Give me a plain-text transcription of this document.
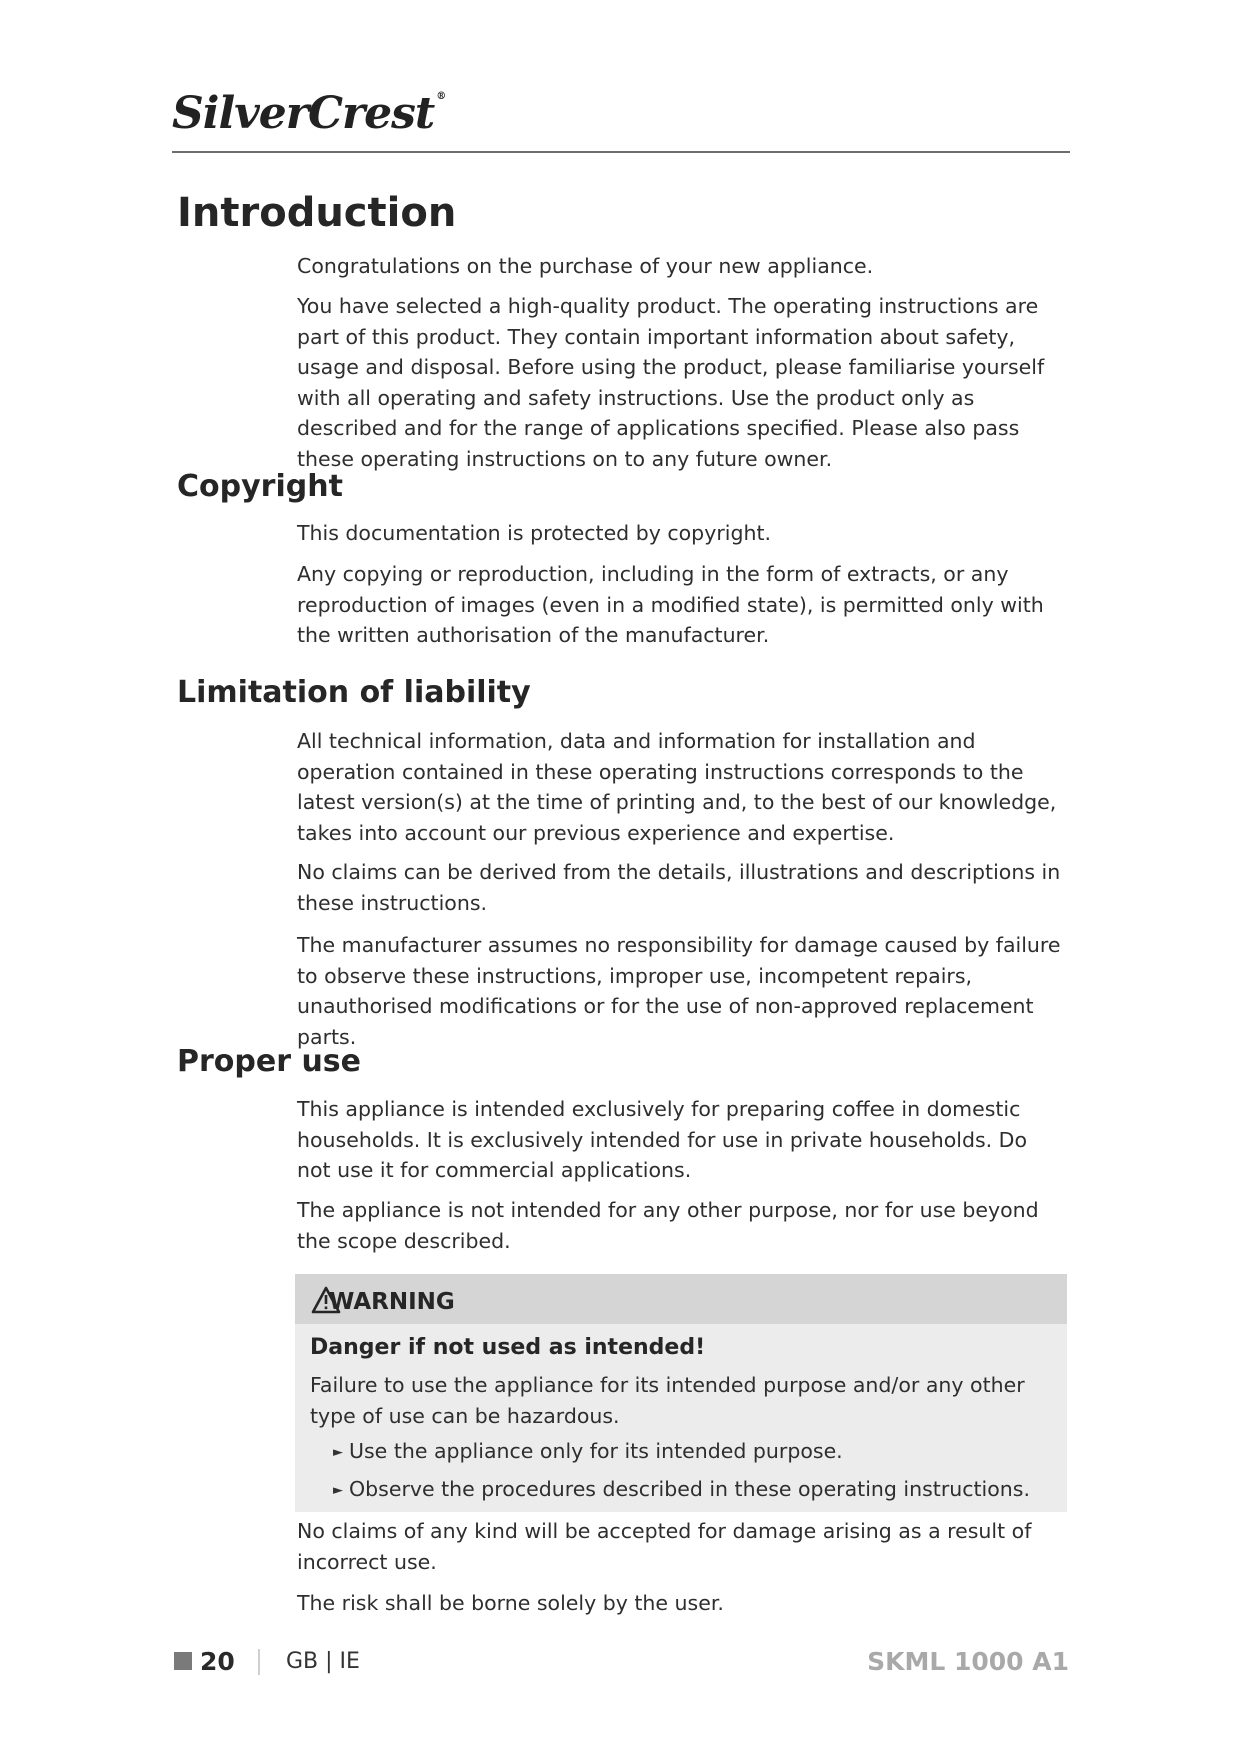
SilverCrest ®
Introduction

Congratulations on the purchase of your new appliance.

You have selected a high-quality product. The operating instructions are part of this product. They contain important information about safety, usage and disposal. Before using the product, please familiarise yourself with all operating and safety instructions. Use the product only as described and for the range of applications specified. Please also pass these operating instructions on to any future owner.

Copyright

This documentation is protected by copyright.

Any copying or reproduction, including in the form of extracts, or any reproduction of images (even in a modified state), is permitted only with the written authorisation of the manufacturer.

Limitation of liability

All technical information, data and information for installation and operation contained in these operating instructions corresponds to the latest version(s) at the time of printing and, to the best of our knowledge, takes into account our previous experience and expertise.

No claims can be derived from the details, illustrations and descriptions in these instructions.

The manufacturer assumes no responsibility for damage caused by failure to observe these instructions, improper use, incompetent repairs, unauthorised modifications or for the use of non-approved replacement parts.

Proper use

This appliance is intended exclusively for preparing coffee in domestic households. It is exclusively intended for use in private households. Do not use it for commercial applications.

The appliance is not intended for any other purpose, nor for use beyond the scope described.

WARNING
Danger if not used as intended!
Failure to use the appliance for its intended purpose and/or any other type of use can be hazardous.
► Use the appliance only for its intended purpose.
► Observe the procedures described in these operating instructions.

No claims of any kind will be accepted for damage arising as a result of incorrect use.

The risk shall be borne solely by the user.

20 GB | IE	SKML 1000 A1
